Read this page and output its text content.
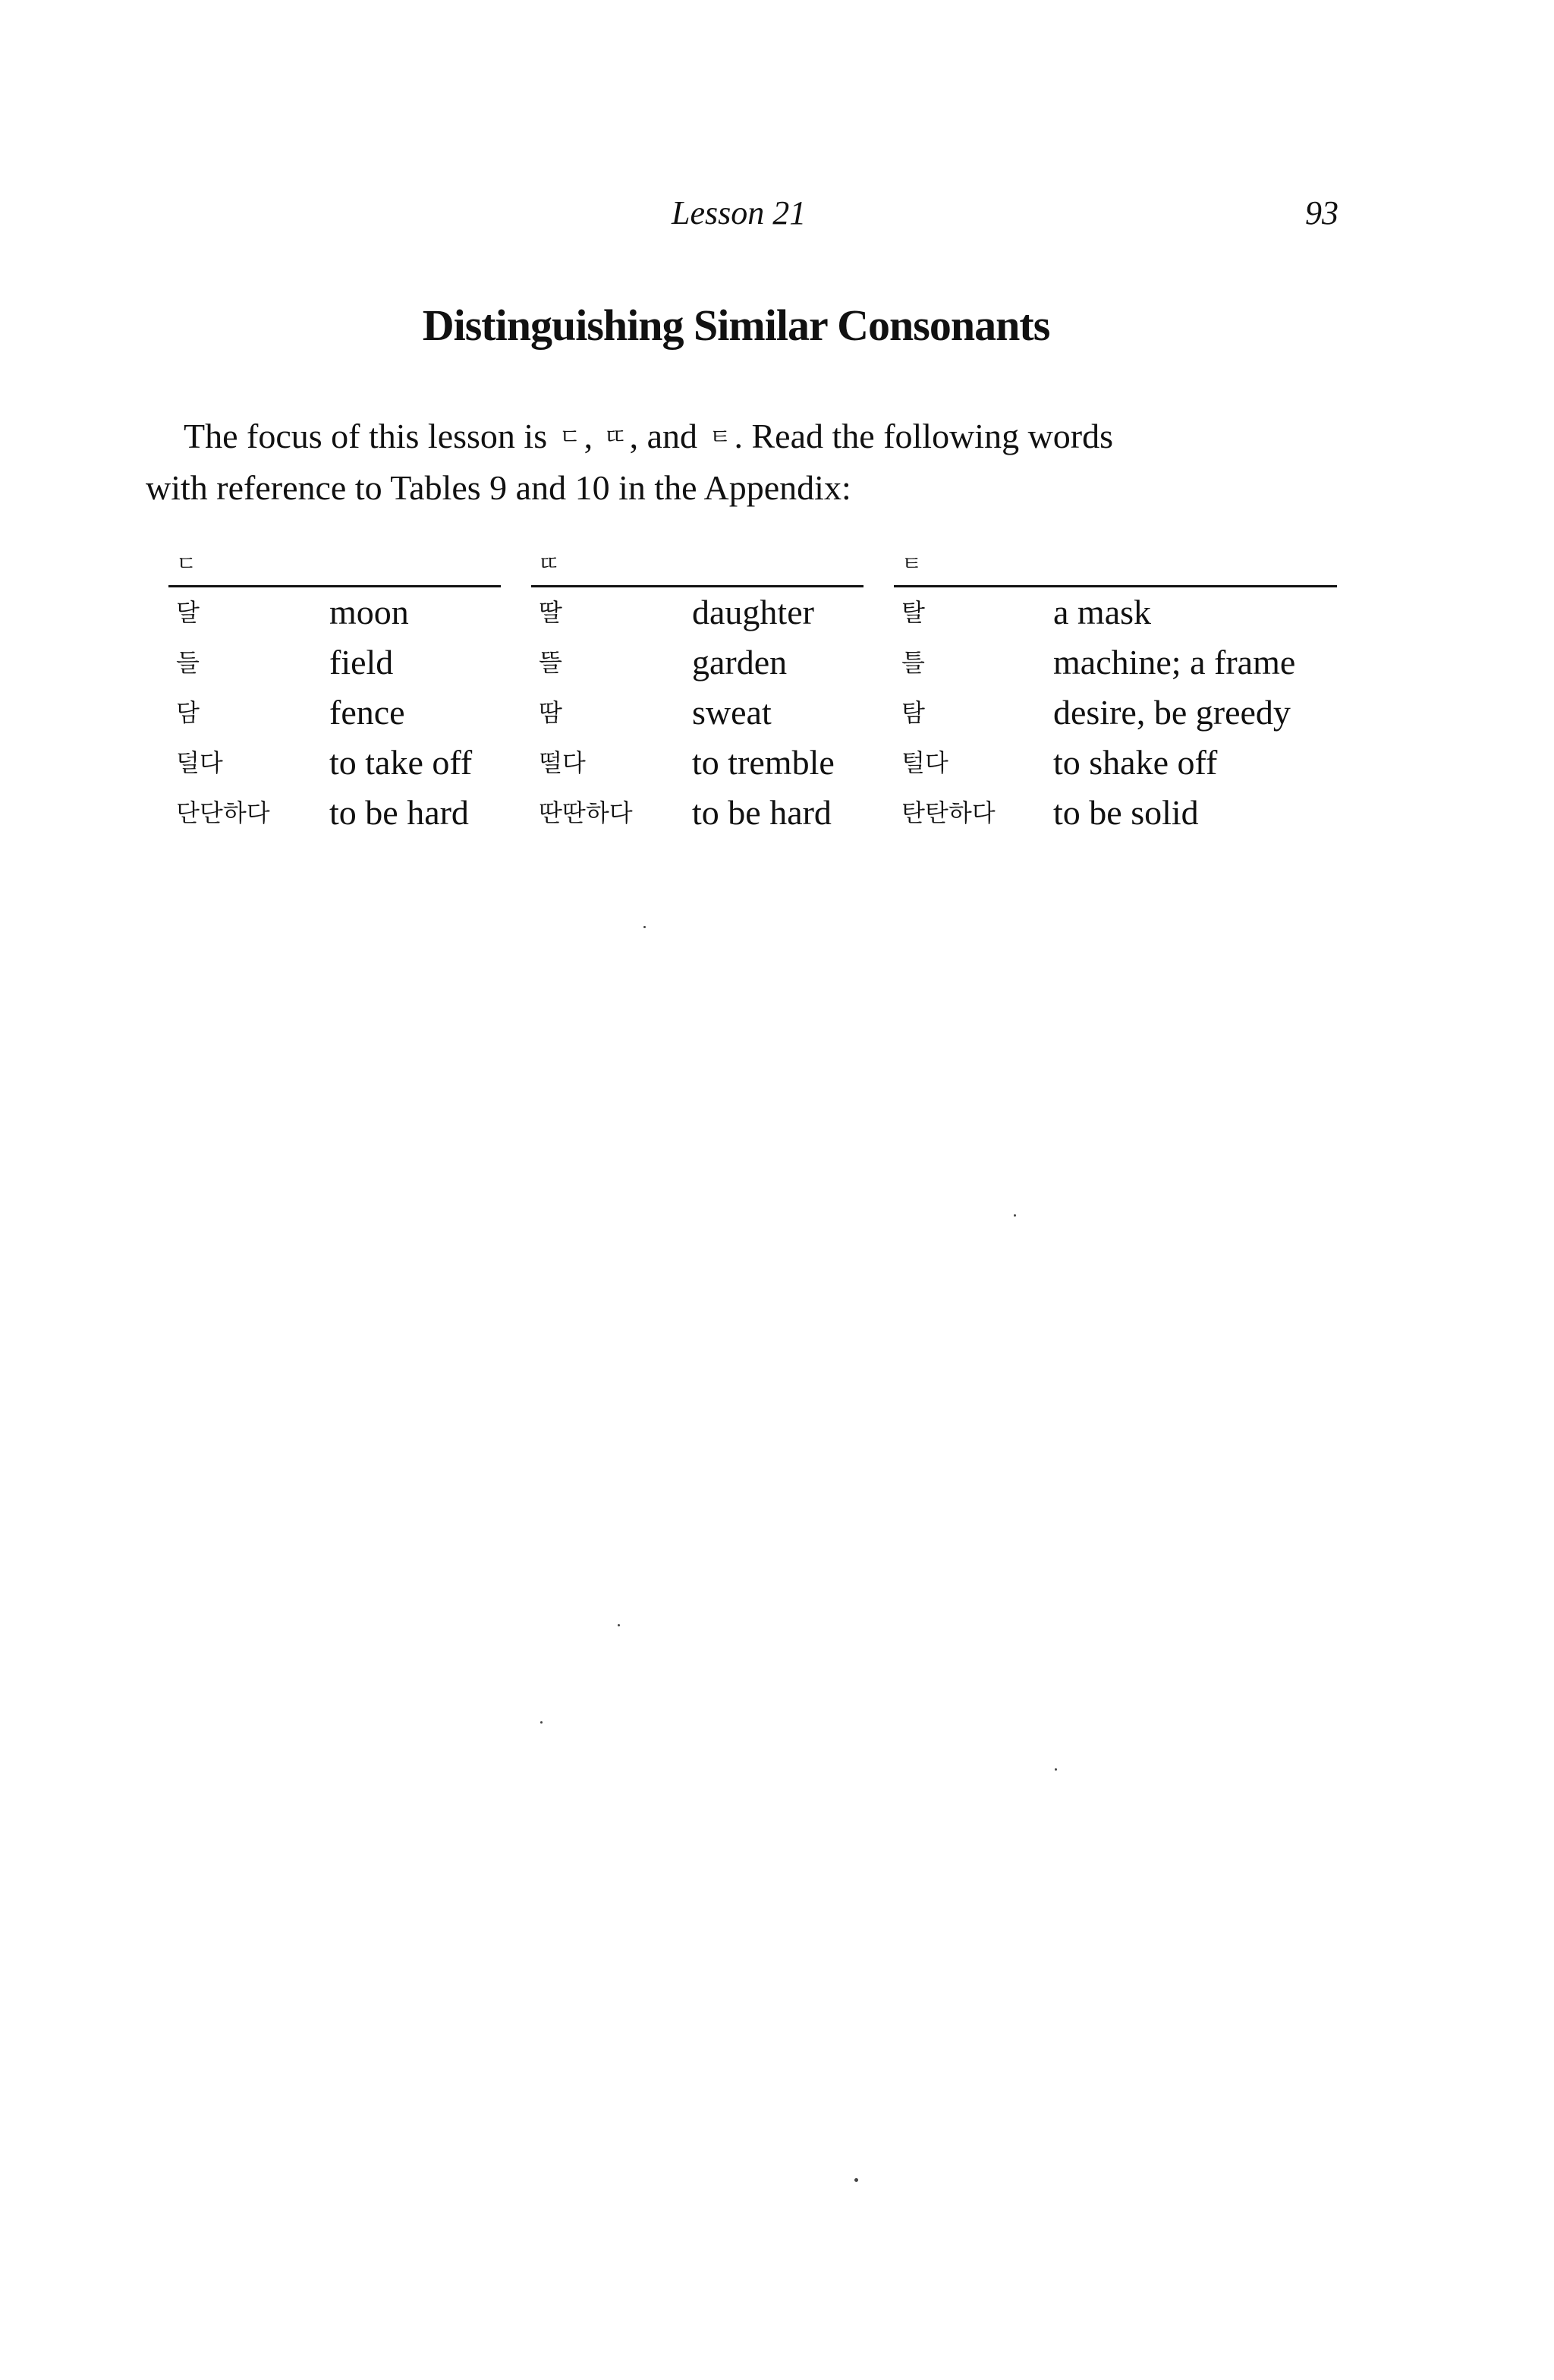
Lesson 21	93
Distinguishing Similar Consonants
The focus of this lesson is ㄷ, ㄸ, and ㅌ. Read the following words
with reference to Tables 9 and 10 in the Appendix:
ㄷ
달	moon
들	field
담	fence
덜다	to take off
단단하다 to be hard
ㄸ
딸	daughter
뜰	garden
땀	sweat
떨다	to tremble
딴딴하다 to be hard
ㅌ
탈	a mask
틀	machine; a frame
탐	desire, be greedy
털다	to shake off
탄탄하다 to be solid
